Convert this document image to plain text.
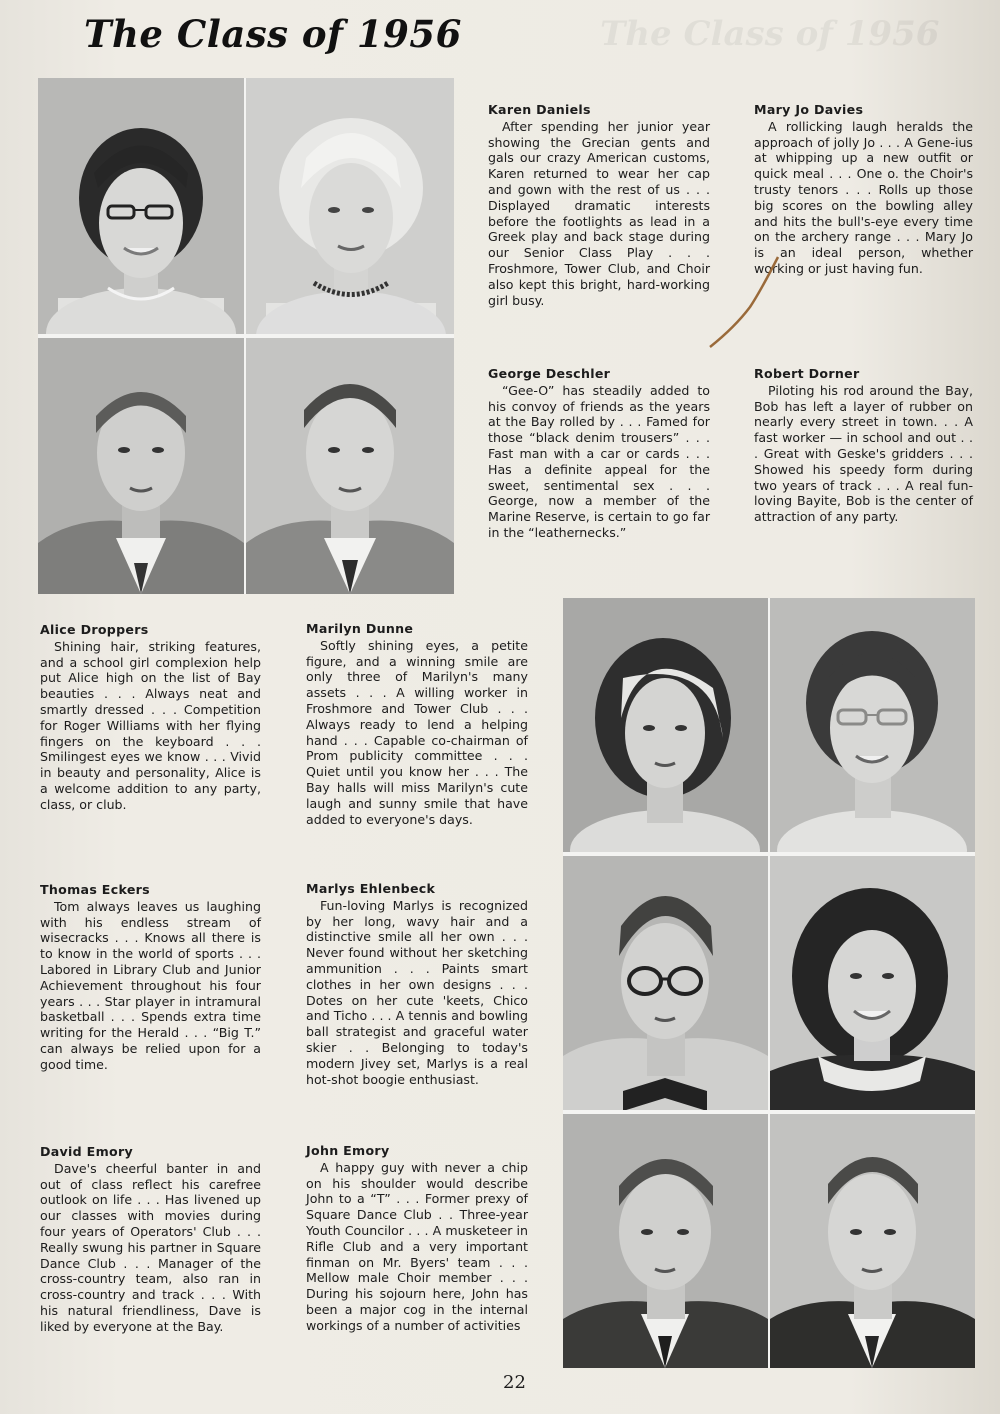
The Class of 1956	The Class of 1956
Karen Daniels
After spending her junior year showing the Grecian gents and gals our crazy American customs, Karen returned to wear her cap and gown with the rest of us . . . Displayed dramatic interests before the footlights as lead in a Greek play and back stage during our Senior Class Play . . . Froshmore, Tower Club, and Choir also kept this bright, hard-working girl busy.
Mary Jo Davies
A rollicking laugh heralds the approach of jolly Jo . . . A Gene-ius at whipping up a new outfit or quick meal . . . One o. the Choir's trusty tenors . . . Rolls up those big scores on the bowling alley and hits the bull's-eye every time on the archery range . . . Mary Jo is an ideal person, whether working or just having fun.
George Deschler
“Gee-O” has steadily added to his convoy of friends as the years at the Bay rolled by . . . Famed for those “black denim trousers” . . . Fast man with a car or cards . . . Has a definite appeal for the sweet, sentimental sex . . . George, now a member of the Marine Reserve, is certain to go far in the “leathernecks.”
Robert Dorner
Piloting his rod around the Bay, Bob has left a layer of rubber on nearly every street in town. . . A fast worker — in school and out . . . Great with Geske's gridders . . . Showed his speedy form during two years of track . . . A real fun-loving Bayite, Bob is the center of attraction of any party.
Alice Droppers
Shining hair, striking features, and a school girl complexion help put Alice high on the list of Bay beauties . . . Always neat and smartly dressed . . . Competition for Roger Williams with her flying fingers on the keyboard . . . Smilingest eyes we know . . . Vivid in beauty and personality, Alice is a welcome addition to any party, class, or club.
Marilyn Dunne
Softly shining eyes, a petite figure, and a winning smile are only three of Marilyn's many assets . . . A willing worker in Froshmore and Tower Club . . . Always ready to lend a helping hand . . . Capable co-chairman of Prom publicity committee . . . Quiet until you know her . . . The Bay halls will miss Marilyn's cute laugh and sunny smile that have added to everyone's days.
Thomas Eckers
Tom always leaves us laughing with his endless stream of wisecracks . . . Knows all there is to know in the world of sports . . . Labored in Library Club and Junior Achievement throughout his four years . . . Star player in intramural basketball . . . Spends extra time writing for the Herald . . . “Big T.” can always be relied upon for a good time.
Marlys Ehlenbeck
Fun-loving Marlys is recognized by her long, wavy hair and a distinctive smile all her own . . . Never found without her sketching ammunition . . . Paints smart clothes in her own designs . . . Dotes on her cute 'keets, Chico and Ticho . . . A tennis and bowling ball strategist and graceful water skier . . Belonging to today's modern Jivey set, Marlys is a real hot-shot boogie enthusiast.
David Emory
Dave's cheerful banter in and out of class reflect his carefree outlook on life . . . Has livened up our classes with movies during four years of Operators' Club . . . Really swung his partner in Square Dance Club . . . Manager of the cross-country team, also ran in cross-country and track . . . With his natural friendliness, Dave is liked by everyone at the Bay.
John Emory
A happy guy with never a chip on his shoulder would describe John to a “T” . . . Former prexy of Square Dance Club . . Three-year Youth Councilor . . . A musketeer in Rifle Club and a very important finman on Mr. Byers' team . . . Mellow male Choir member . . . During his sojourn here, John has been a major cog in the internal workings of a number of activities
22
